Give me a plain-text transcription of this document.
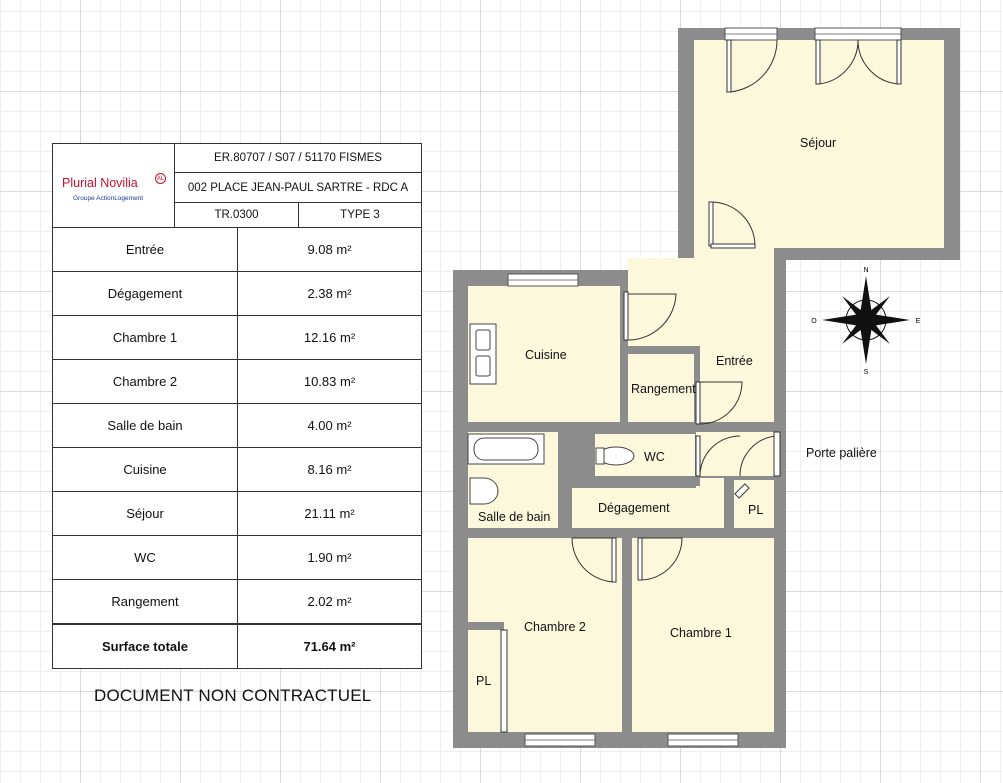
Plurial Novilia	AL
Groupe ActionLogement
ER.80707 / S07 / 51170 FISMES
002 PLACE JEAN-PAUL SARTRE - RDC A
TR.0300	TYPE 3
Entrée	9.08 m²
Dégagement	2.38 m²
Chambre 1	12.16 m²
Chambre 2	10.83 m²
Salle de bain	4.00 m²
Cuisine	8.16 m²
Séjour	21.11 m²
WC	1.90 m²
Rangement	2.02 m²
Surface totale	71.64 m²
DOCUMENT NON CONTRACTUEL
N
S
E
O
Séjour
Cuisine	Entrée
Rangement
WC	Porte palière
Salle de bain
Dégagement	PL
PL
Chambre 2	Chambre 1
